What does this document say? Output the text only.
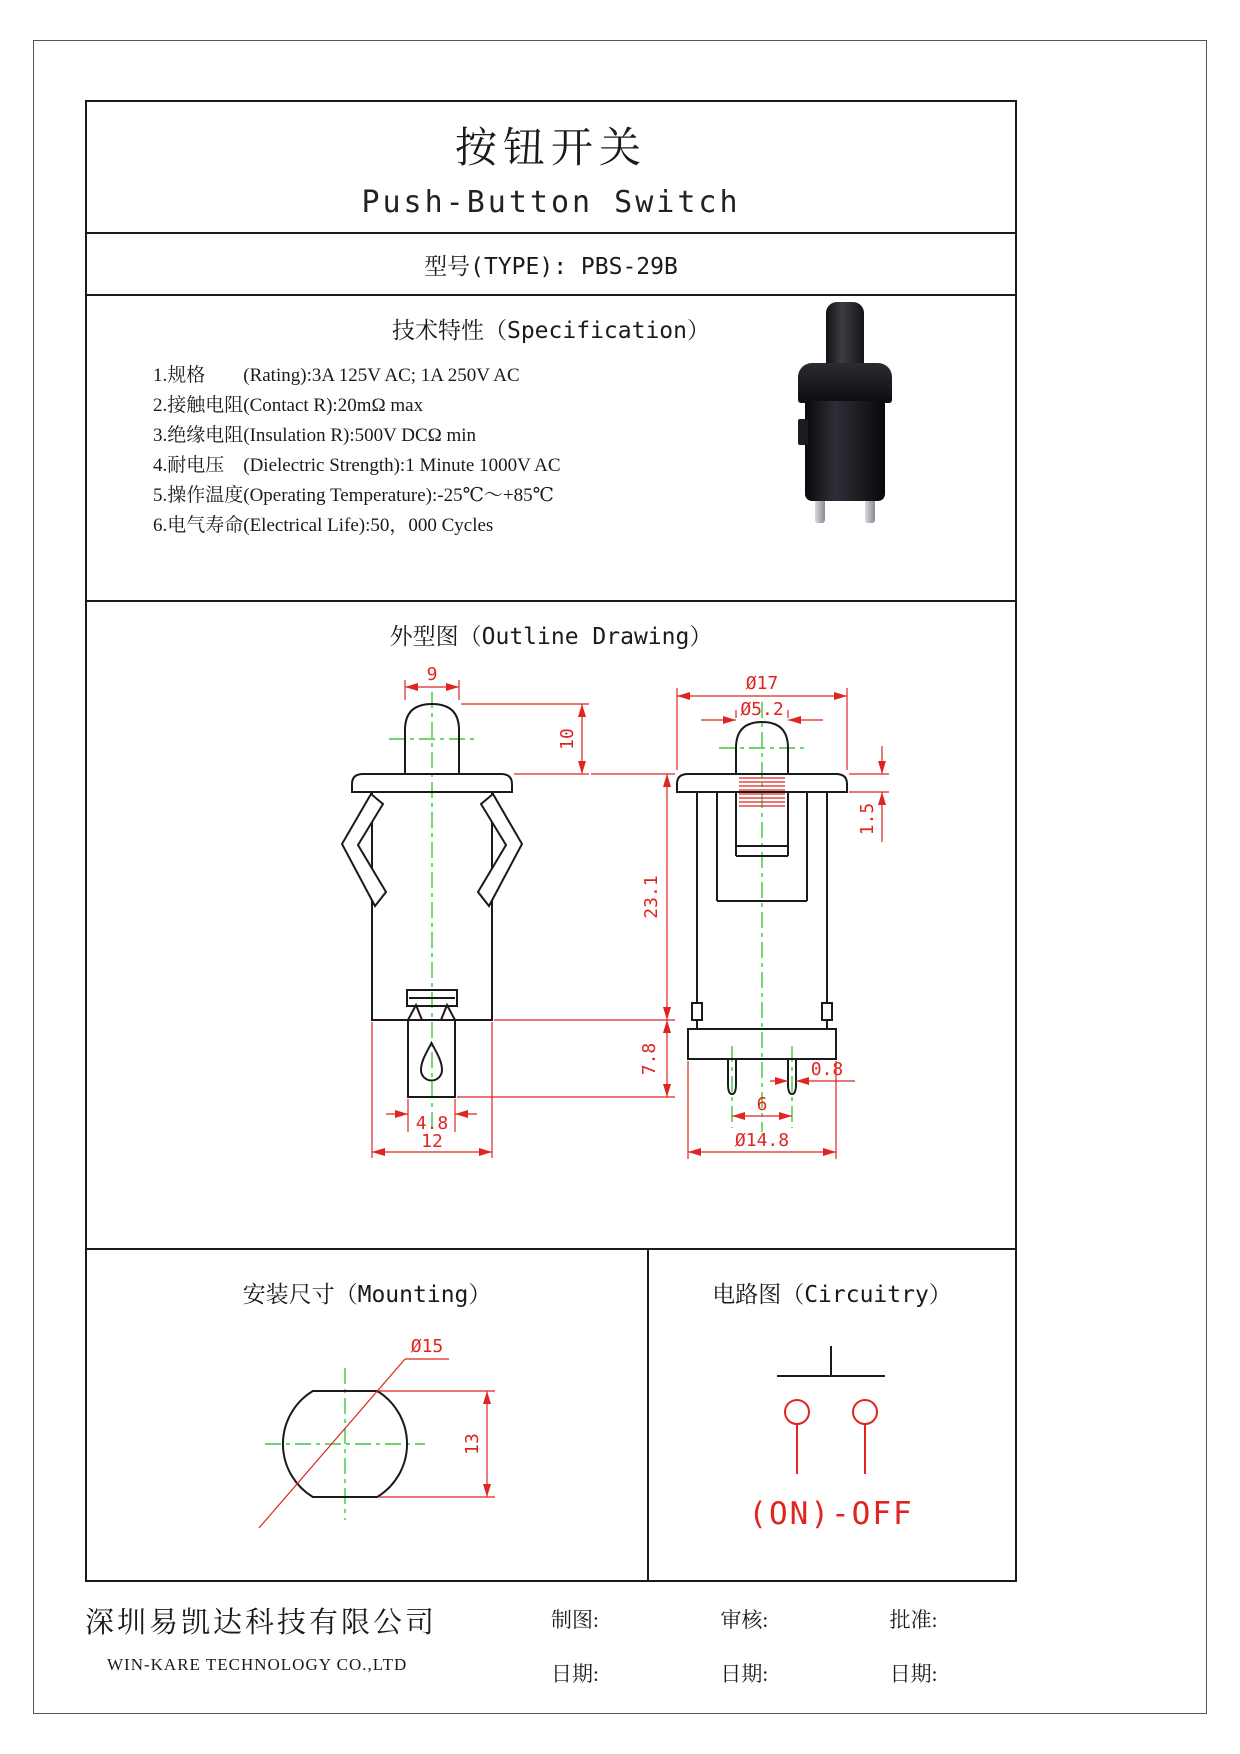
按钮开关
Push-Button Switch
型号(TYPE): PBS-29B
技术特性（Specification）
1.规格　　(Rating):3A 125V AC; 1A 250V AC
2.接触电阻(Contact R):20mΩ max
3.绝缘电阻(Insulation R):500V DCΩ min
4.耐电压　(Dielectric Strength):1 Minute 1000V AC
5.操作温度(Operating Temperature):-25℃～+85℃
6.电气寿命(Electrical Life):50，000 Cycles
外型图（Outline Drawing）
9
10
23.1
7.8
4.8
12
Ø17
Ø5.2
1.5
0.8
6
Ø14.8
安装尺寸（Mounting）
Ø15
13
电路图（Circuitry）
(ON)-OFF
深圳易凯达科技有限公司
WIN-KARE TECHNOLOGY CO.,LTD
制图:
日期:
审核:
日期:
批准:
日期:
